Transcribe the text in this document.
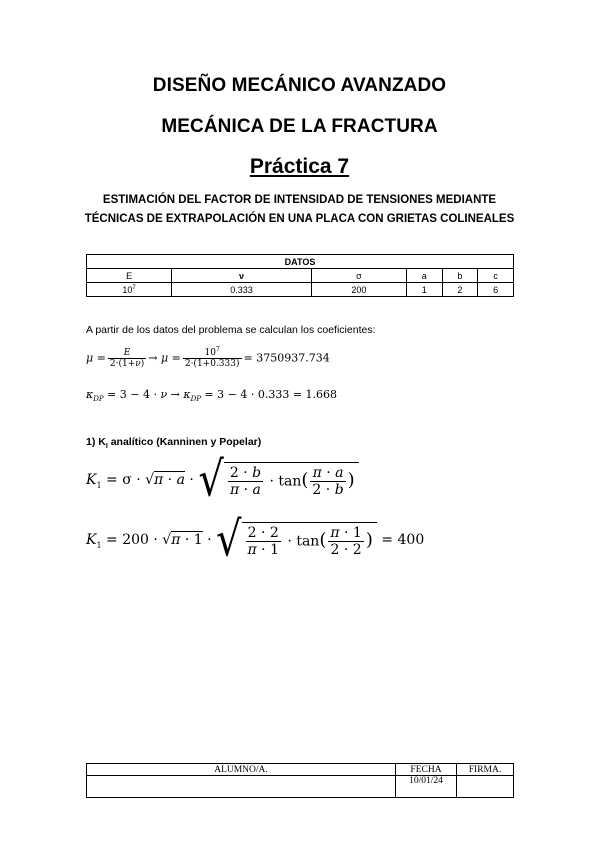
DISEÑO MECÁNICO AVANZADO
MECÁNICA DE LA FRACTURA
Práctica 7
ESTIMACIÓN DEL FACTOR DE INTENSIDAD DE TENSIONES MEDIANTE
TÉCNICAS DE EXTRAPOLACIÓN EN UNA PLACA CON GRIETAS COLINEALES
DATOS					
E	ν	σ	a	b	c
$10^7$	0.333	200	1	2	6
A partir de los datos del problema se calculan los coeficientes:
$\mu = \frac{E}{2\cdot(1+\nu)} \to \mu = \frac{10^7}{2\cdot(1+0.333)} = 3750937.734$
$\kappa_{DP} = 3 - 4 \cdot \nu \to \kappa_{DP} = 3 - 4 \cdot 0.333 = 1.668$
1) $K_I$ analítico (Kanninen y Popelar)
$K_1 = \sigma \cdot √\pi \cdot a$ · √ $\frac{2 \cdot b}{\pi \cdot a} \cdot \tan( \frac{\pi \cdot a}{2 \cdot b}$ )
$K_1 = 200 \cdot √\pi \cdot 1$ · √ $\frac{2 \cdot 2}{\pi \cdot 1} \cdot \tan( \frac{\pi \cdot 1}{2 \cdot 2}$ ) = 400
ALUMNO/A.	FECHA	FIRMA.
	10/01/24	
